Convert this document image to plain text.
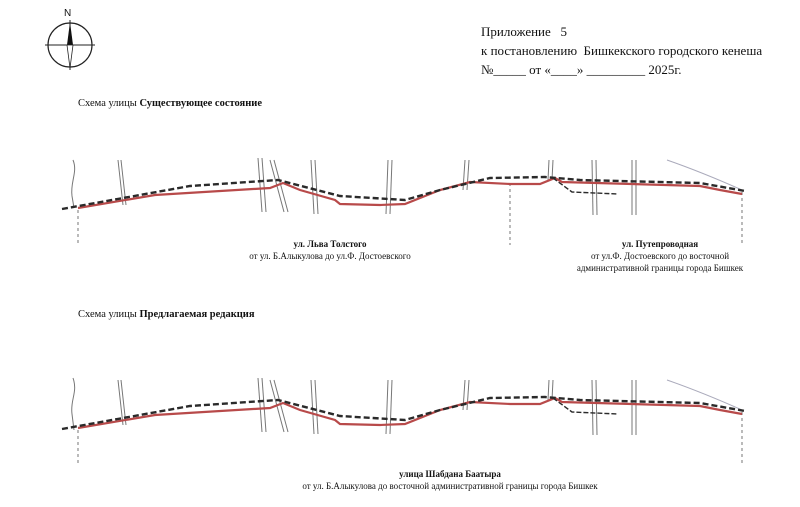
N
Приложение   5
к постановлению  Бишкекского городского кенеша
№_____ от «____» _________ 2025г.
Схема улицы Существующее состояние
ул. Льва Толстого
от ул. Б.Алыкулова до ул.Ф. Достоевского
ул. Путепроводная
от ул.Ф. Достоевского до восточной
административной границы города Бишкек
Схема улицы Предлагаемая редакция
улица Шабдана Баатыра
от ул. Б.Алыкулова до восточной административной границы города Бишкек
